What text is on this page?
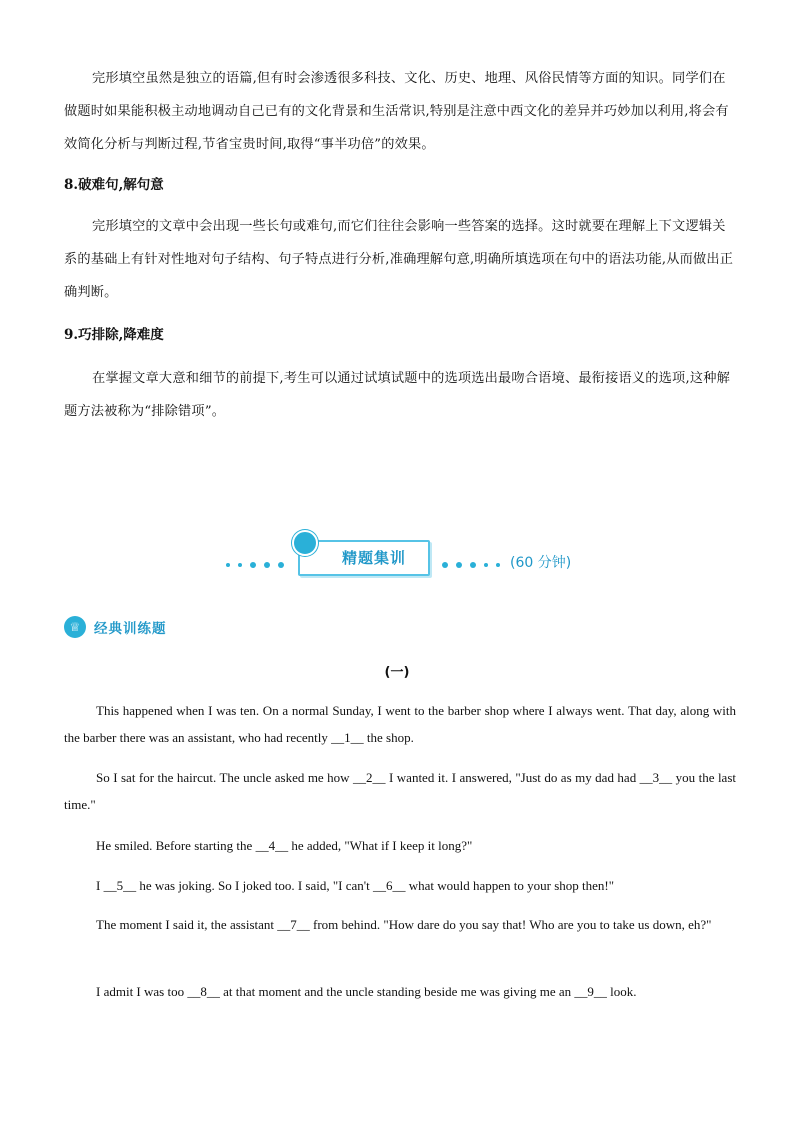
完形填空虽然是独立的语篇,但有时会渗透很多科技、文化、历史、地理、风俗民情等方面的知识。同学们在做题时如果能积极主动地调动自己已有的文化背景和生活常识,特别是注意中西文化的差异并巧妙加以利用,将会有效简化分析与判断过程,节省宝贵时间,取得“事半功倍”的效果。

8.破难句,解句意

完形填空的文章中会出现一些长句或难句,而它们往往会影响一些答案的选择。这时就要在理解上下文逻辑关系的基础上有针对性地对句子结构、句子特点进行分析,准确理解句意,明确所填选项在句中的语法功能,从而做出正确判断。

9.巧排除,降难度

在掌握文章大意和细节的前提下,考生可以通过试填试题中的选项选出最吻合语境、最衔接语义的选项,这种解题方法被称为“排除错项”。

精题集训	(60 分钟)
♕	经典训练题
(一)

This happened when I was ten. On a normal Sunday, I went to the barber shop where I always went. That day, along with the barber there was an assistant, who had recently __1__ the shop.

So I sat for the haircut. The uncle asked me how __2__ I wanted it. I answered, "Just do as my dad had __3__ you the last time."

He smiled. Before starting the __4__ he added, "What if I keep it long?"

I __5__ he was joking. So I joked too. I said, "I can't __6__ what would happen to your shop then!"

The moment I said it, the assistant __7__ from behind. "How dare do you say that! Who are you to take us down, eh?"

I admit I was too __8__ at that moment and the uncle standing beside me was giving me an __9__ look.
